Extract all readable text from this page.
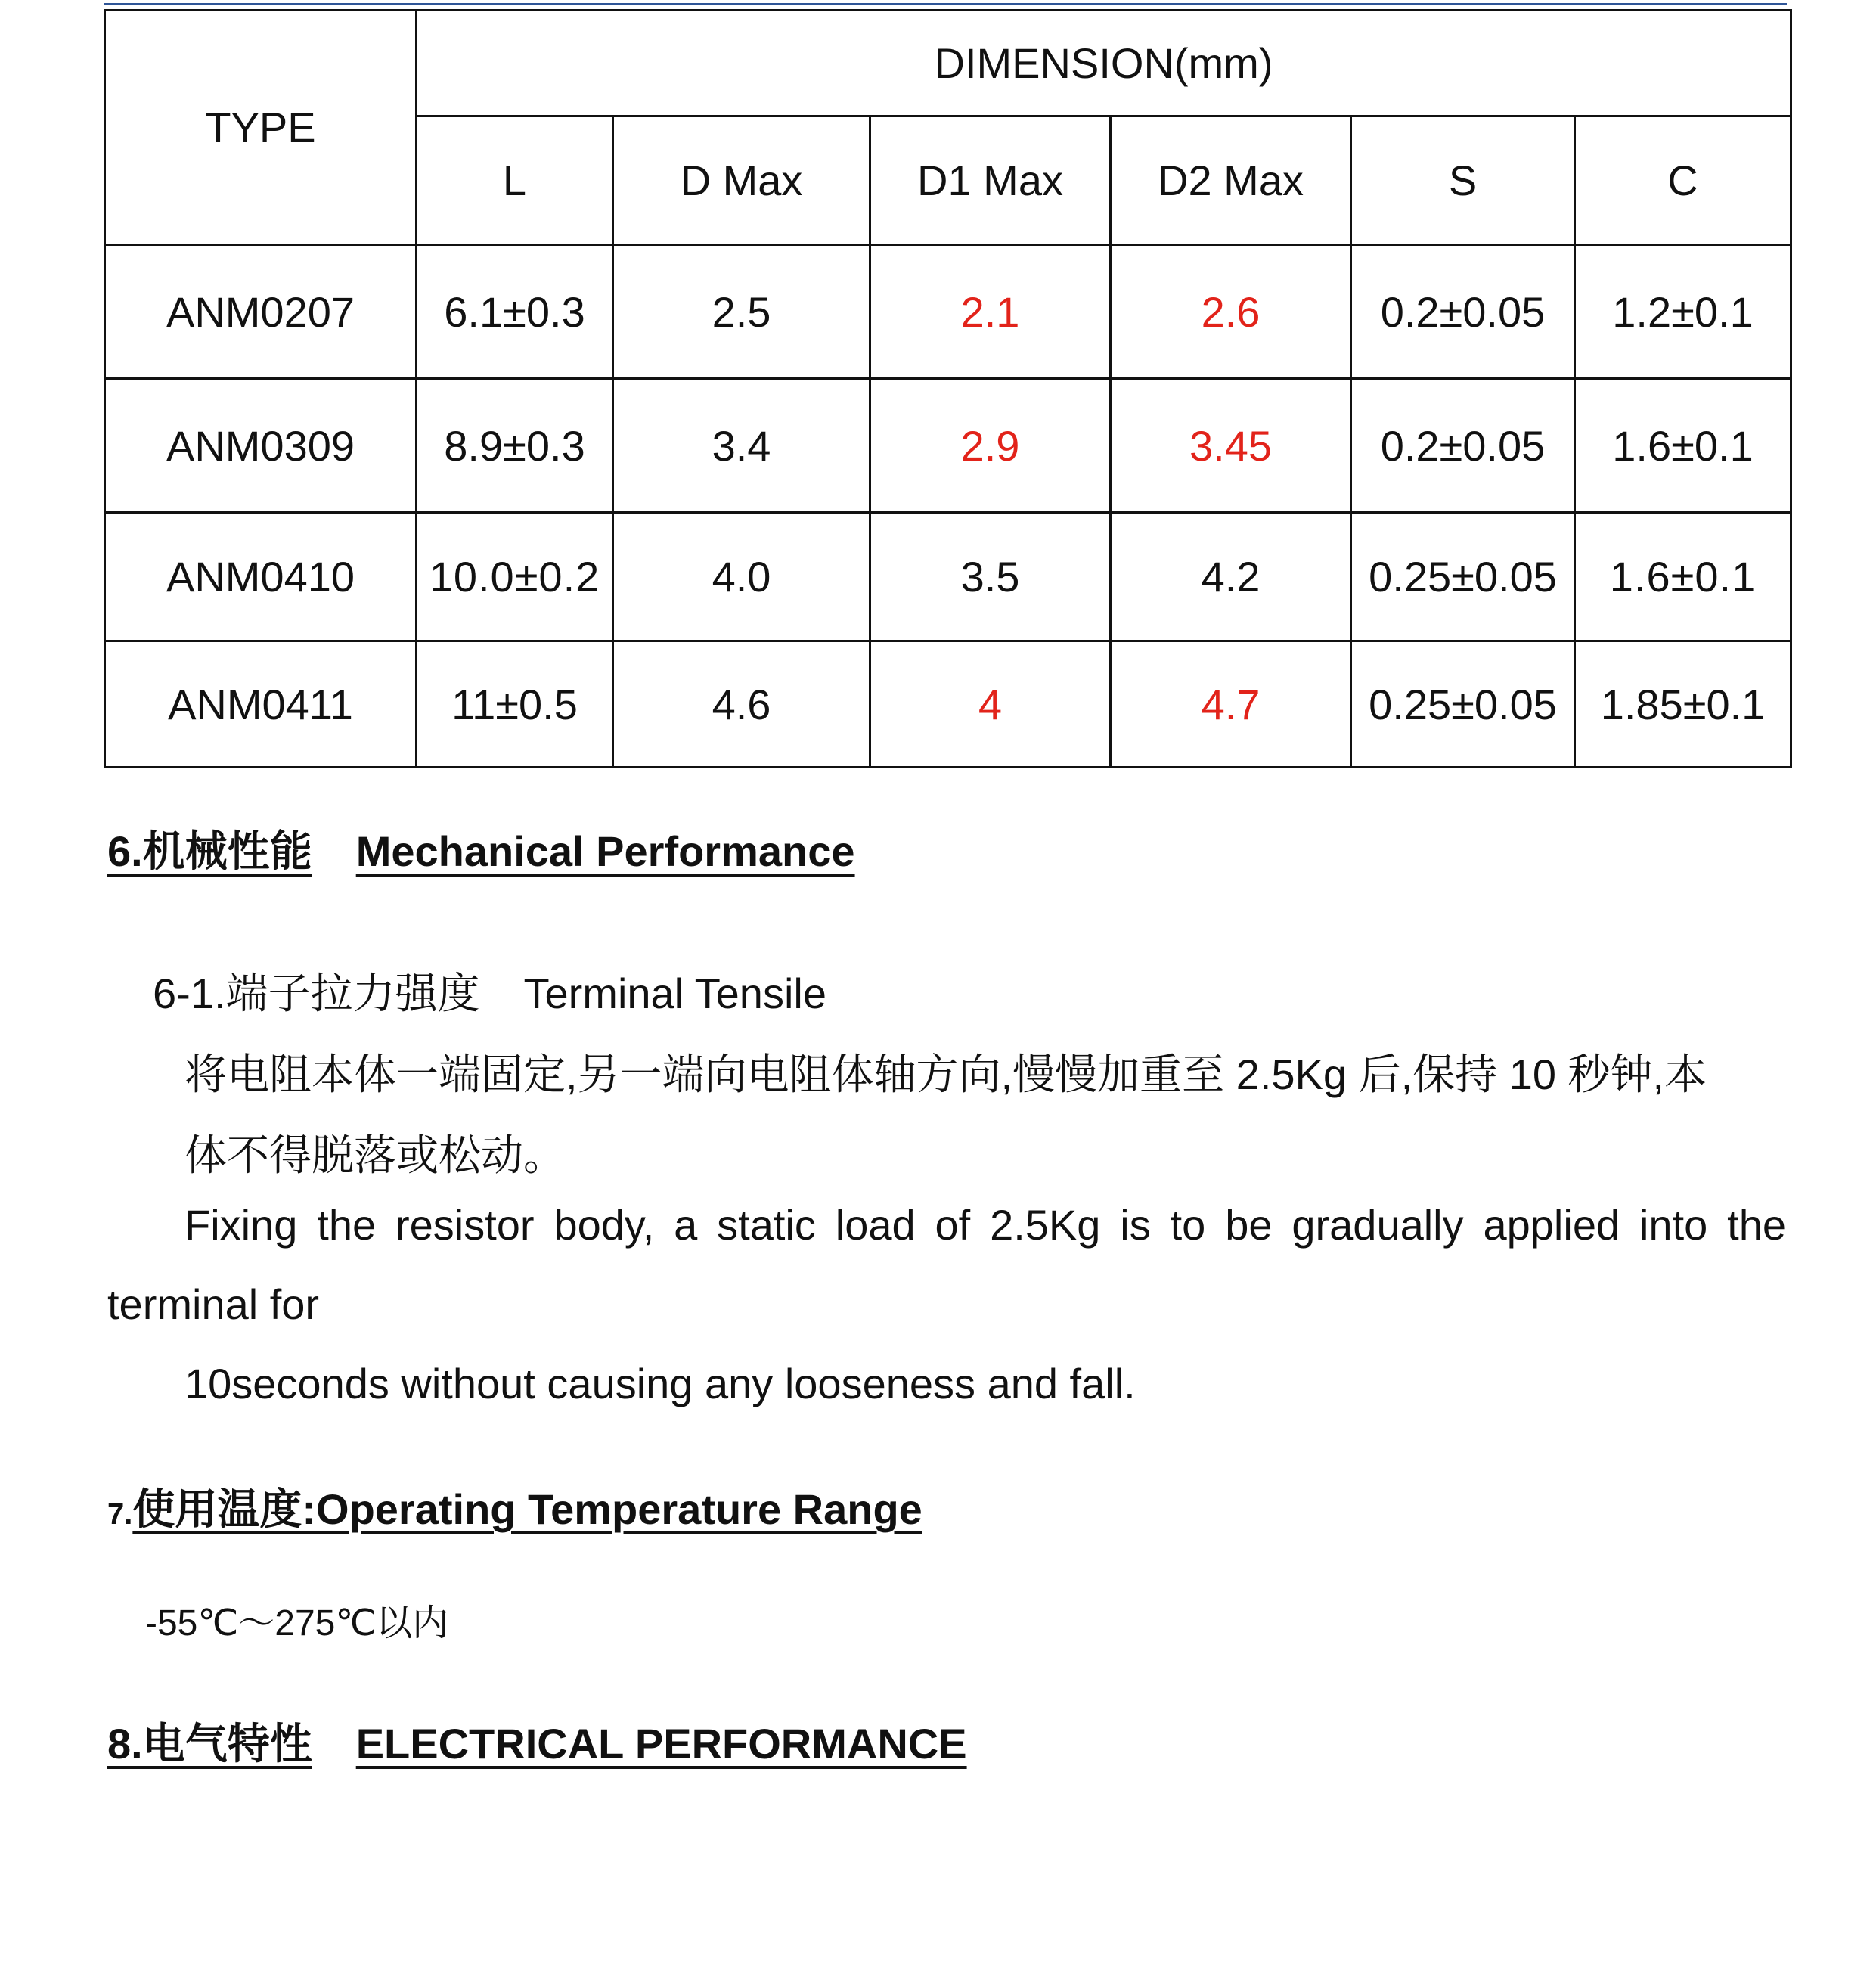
TYPE	DIMENSION(mm)					
	L	D Max	D1 Max	D2 Max	S	C
ANM0207	6.1±0.3	2.5	2.1	2.6	0.2±0.05	1.2±0.1
ANM0309	8.9±0.3	3.4	2.9	3.45	0.2±0.05	1.6±0.1
ANM0410	10.0±0.2	4.0	3.5	4.2	0.25±0.05	1.6±0.1
ANM0411	11±0.5	4.6	4	4.7	0.25±0.05	1.85±0.1
6.机械性能 Mechanical Performance
6-1.端子拉力强度 Terminal Tensile
将电阻本体一端固定,另一端向电阻体轴方向,慢慢加重至 2.5Kg 后,保持 10 秒钟,本
体不得脱落或松动。
Fixing the resistor body, a static load of 2.5Kg is to be gradually applied into the
terminal for
10seconds without causing any looseness and fall.
7.使用温度:Operating Temperature Range
-55℃～275℃以内
8.电气特性 ELECTRICAL PERFORMANCE
